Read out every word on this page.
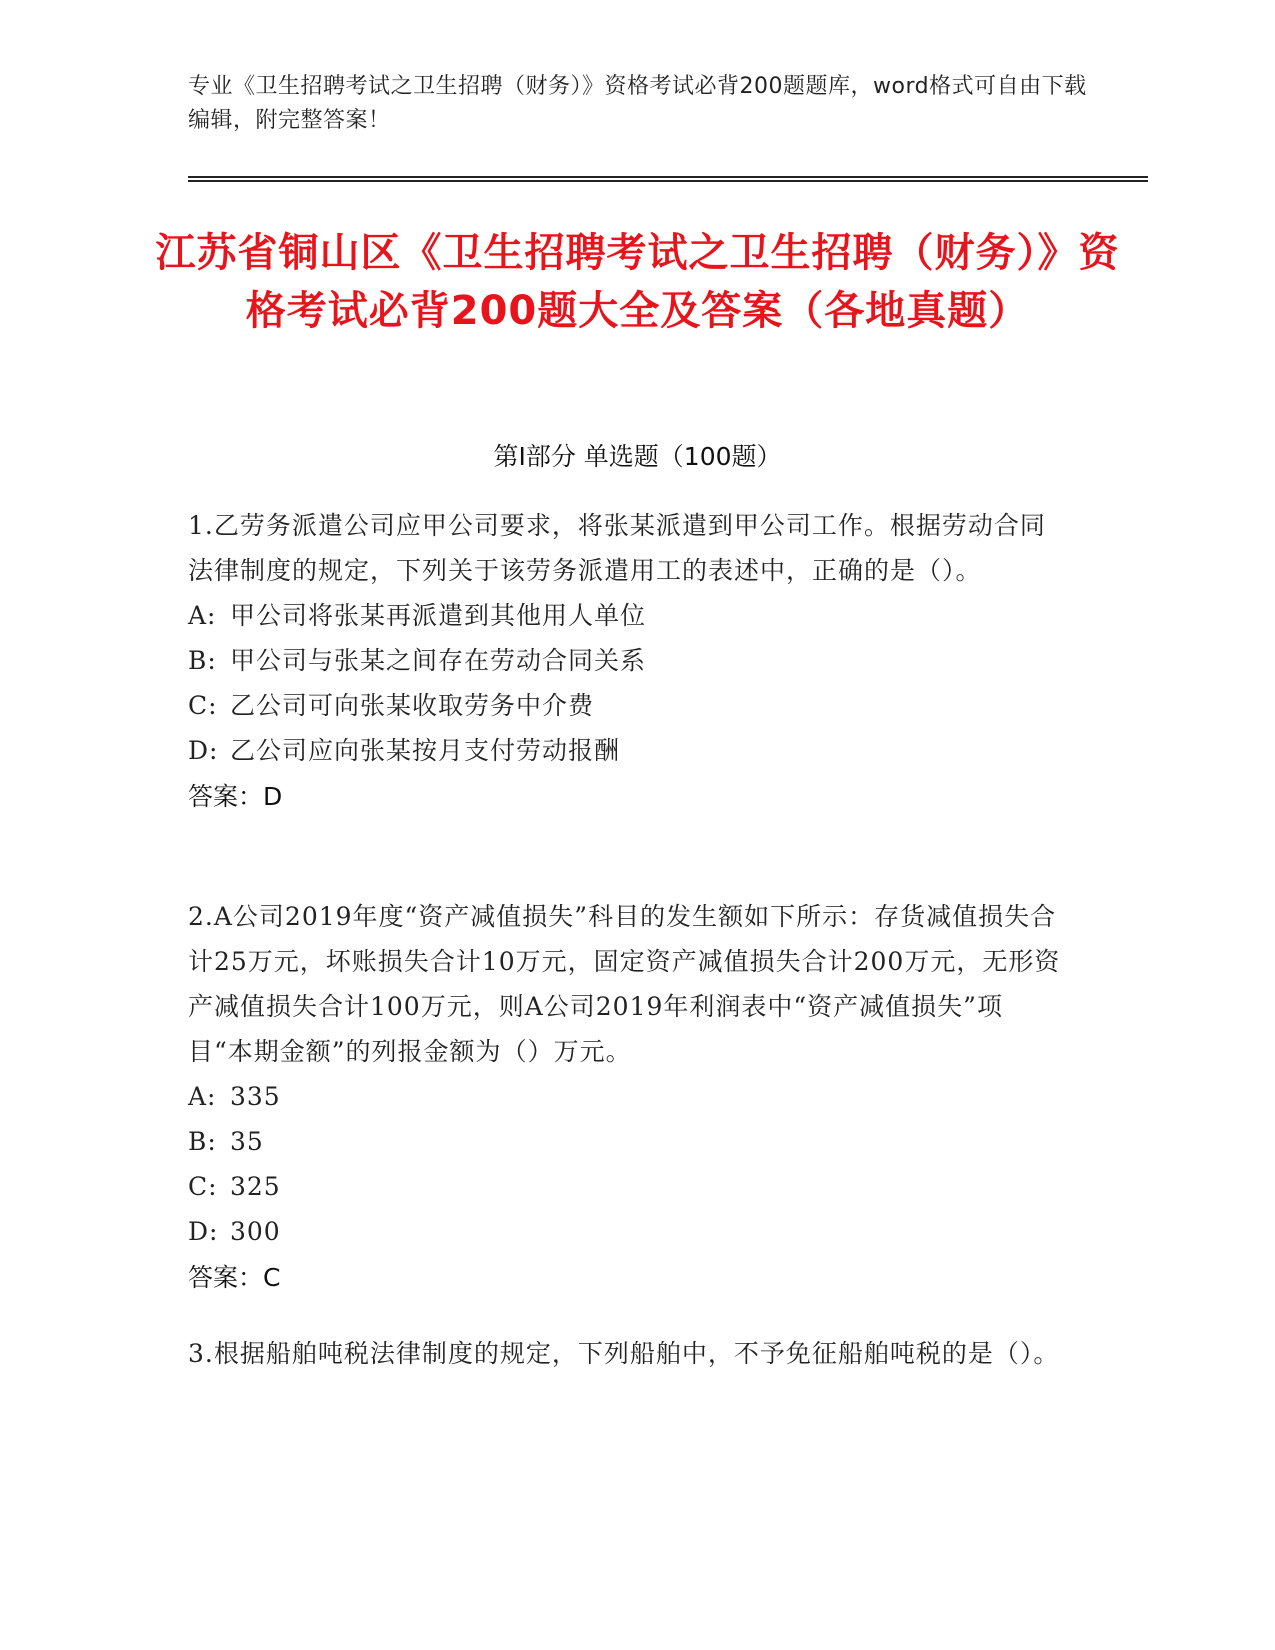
专业《卫生招聘考试之卫生招聘（财务）》资格考试必背200题题库，word格式可自由下载编辑，附完整答案！
江苏省铜山区《卫生招聘考试之卫生招聘（财务）》资格考试必背200题大全及答案（各地真题）
第I部分 单选题（100题）
1.乙劳务派遣公司应甲公司要求，将张某派遣到甲公司工作。根据劳动合同法律制度的规定，下列关于该劳务派遣用工的表述中，正确的是（）。
A: 甲公司将张某再派遣到其他用人单位
B: 甲公司与张某之间存在劳动合同关系
C: 乙公司可向张某收取劳务中介费
D: 乙公司应向张某按月支付劳动报酬
答案：D
2.A公司2019年度“资产减值损失”科目的发生额如下所示：存货减值损失合计25万元，坏账损失合计10万元，固定资产减值损失合计200万元，无形资产减值损失合计100万元，则A公司2019年利润表中“资产减值损失”项目“本期金额”的列报金额为（）万元。
A: 335
B: 35
C: 325
D: 300
答案：C
3.根据船舶吨税法律制度的规定，下列船舶中，不予免征船舶吨税的是（）。
